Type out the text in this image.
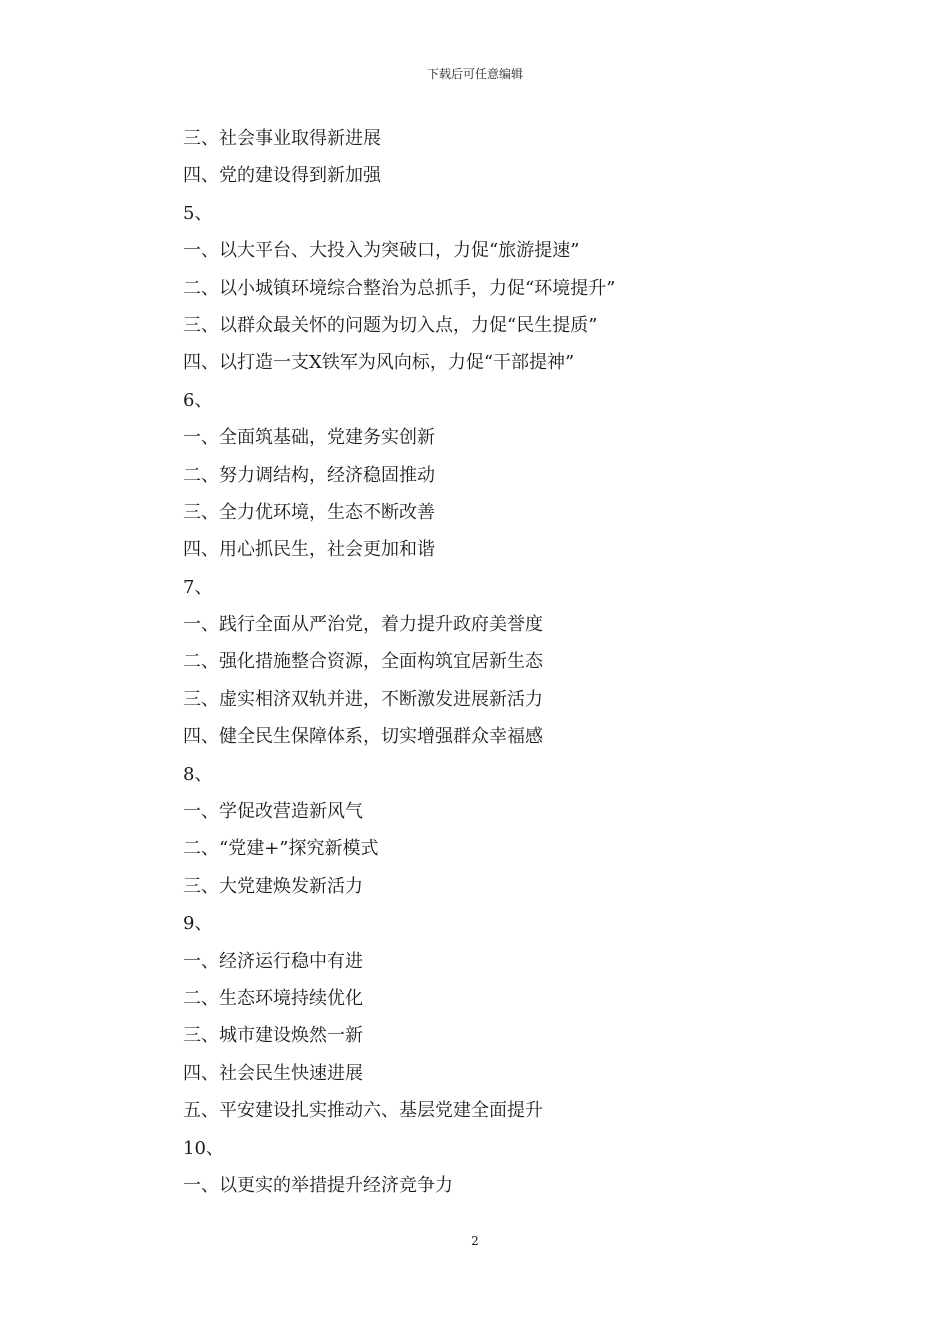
下载后可任意编辑
三、社会事业取得新进展
四、党的建设得到新加强
5、
一、以大平台、大投入为突破口，力促“旅游提速”
二、以小城镇环境综合整治为总抓手，力促“环境提升”
三、以群众最关怀的问题为切入点，力促“民生提质”
四、以打造一支X铁军为风向标，力促“干部提神”
6、
一、全面筑基础，党建务实创新
二、努力调结构，经济稳固推动
三、全力优环境，生态不断改善
四、用心抓民生，社会更加和谐
7、
一、践行全面从严治党，着力提升政府美誉度
二、强化措施整合资源，全面构筑宜居新生态
三、虚实相济双轨并进，不断激发进展新活力
四、健全民生保障体系，切实增强群众幸福感
8、
一、学促改营造新风气
二、“党建+”探究新模式
三、大党建焕发新活力
9、
一、经济运行稳中有进
二、生态环境持续优化
三、城市建设焕然一新
四、社会民生快速进展
五、平安建设扎实推动六、基层党建全面提升
10、
一、以更实的举措提升经济竞争力
2
